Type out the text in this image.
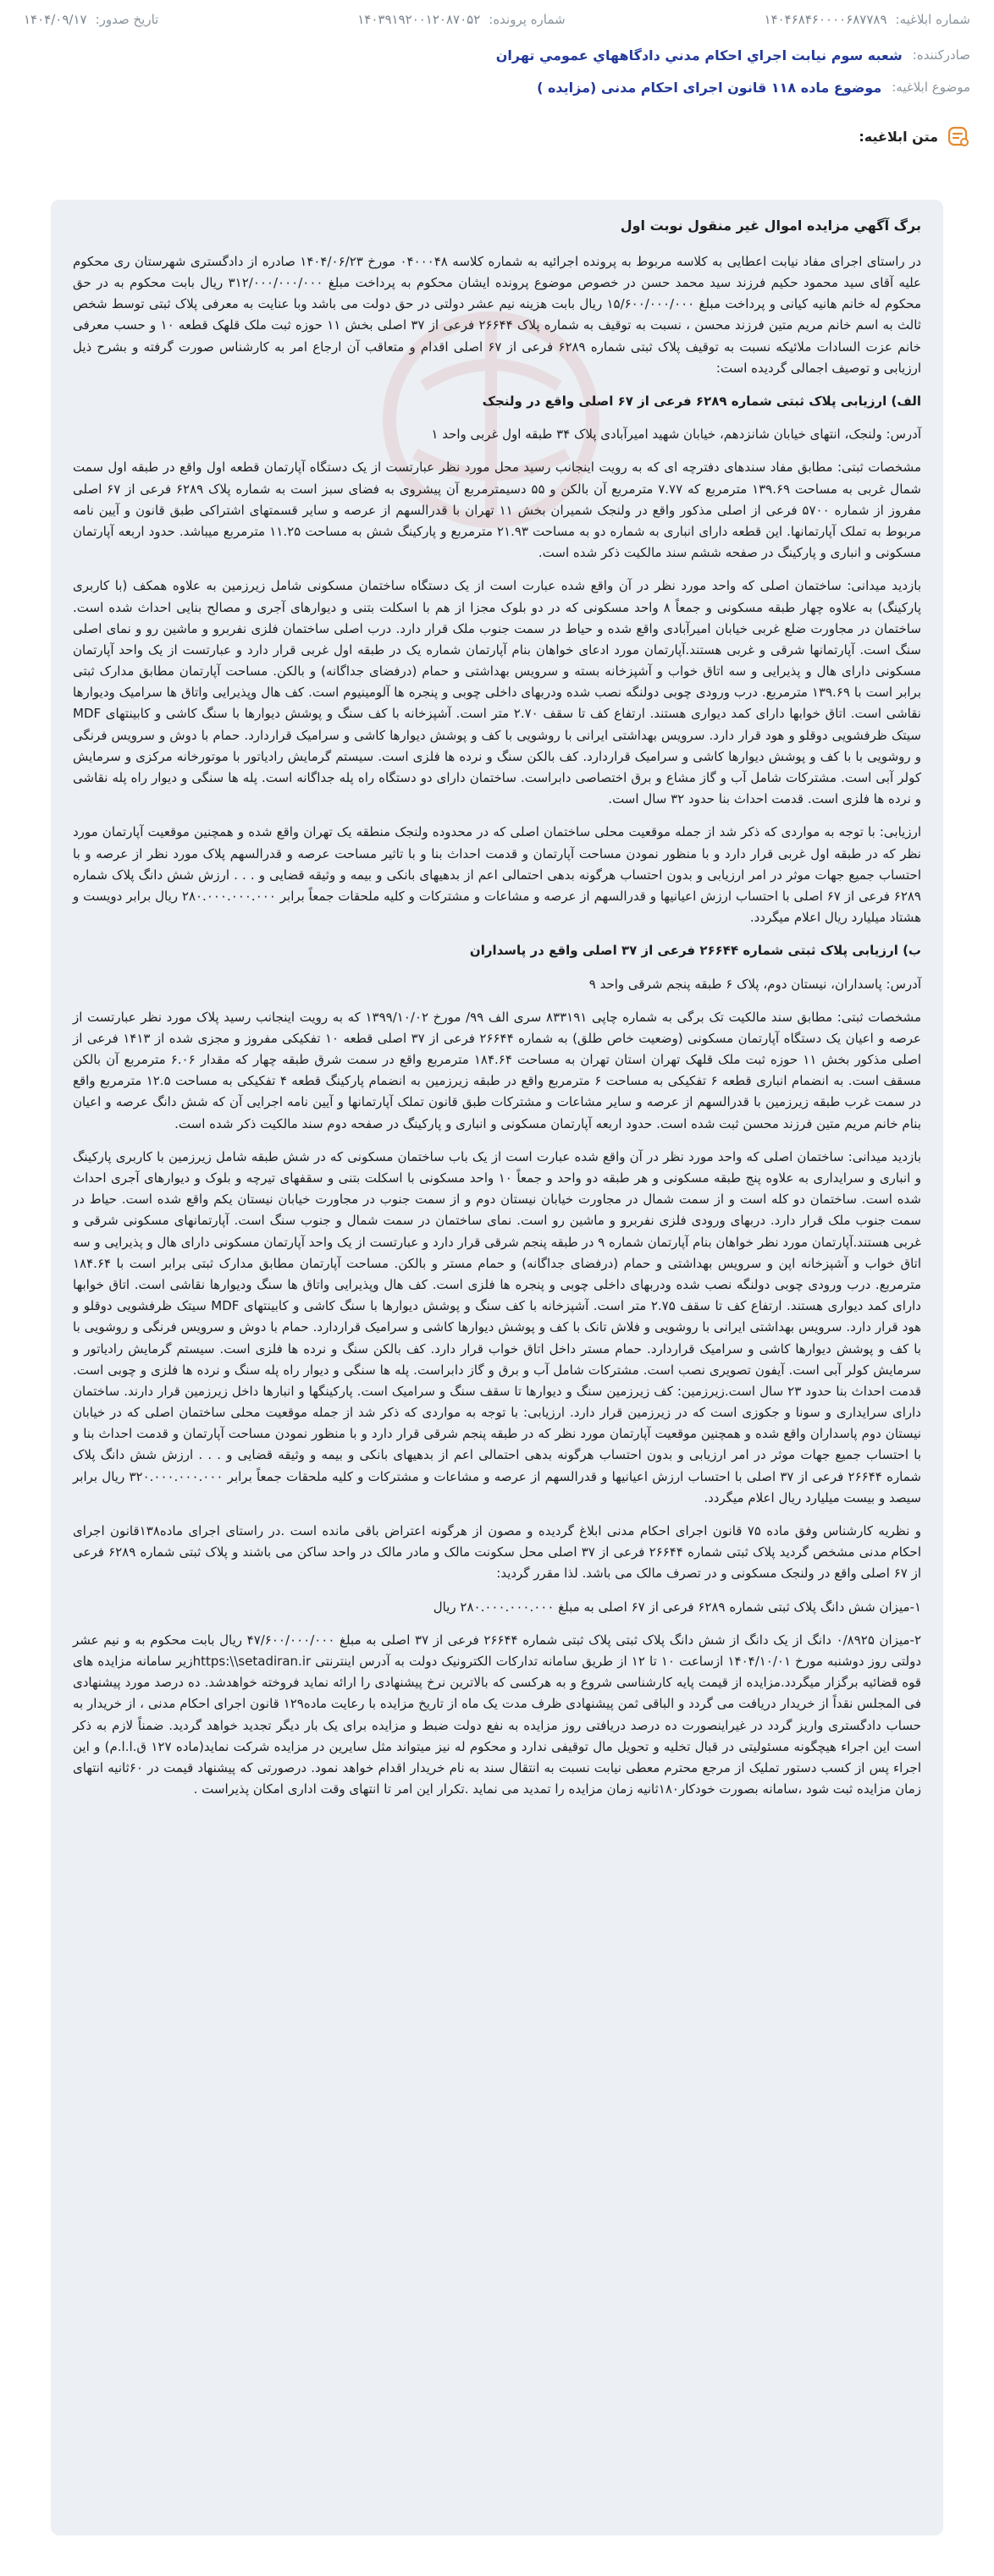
شماره ابلاغیه:
۱۴۰۴۶۸۴۶۰۰۰۰۶۸۷۷۸۹
شماره پرونده:
۱۴۰۳۹۱۹۲۰۰۱۲۰۸۷۰۵۲
تاریخ صدور:
۱۴۰۴/۰۹/۱۷
صادرکننده:
شعبه سوم نيابت اجراي احكام مدني دادگاههاي عمومي تهران
موضوع ابلاغیه:
موضوع ماده ۱۱۸ قانون اجرای احکام مدنی (مزایده )
متن ابلاغیه:

برگ آگهي مزايده اموال غير منقول نوبت اول

در راستای اجرای مفاد نیابت اعطایی به کلاسه مربوط به پرونده اجرائیه به شماره کلاسه ۰۴۰۰۰۴۸ مورخ ۱۴۰۴/۰۶/۲۳ صادره از دادگستری شهرستان ری محکوم علیه آقای سید محمود حکیم فرزند سید محمد حسن در خصوص موضوع پرونده ایشان محکوم به پرداخت مبلغ ۳۱۲/۰۰۰/۰۰۰/۰۰۰ ریال بابت محکوم به در حق محکوم له خانم هانیه کیانی و پرداخت مبلغ ۱۵/۶۰۰/۰۰۰/۰۰۰ ریال بابت هزینه نیم عشر دولتی در حق دولت می باشد وبا عنایت به معرفی پلاک ثبتی توسط شخص ثالث به اسم خانم مریم متین فرزند محسن ، نسبت به توقیف به شماره پلاک ۲۶۶۴۴ فرعی از ۳۷ اصلی بخش ۱۱ حوزه ثبت ملک قلهک قطعه ۱۰ و حسب معرفی خانم عزت السادات ملائیکه نسبت به توقیف پلاک ثبتی شماره ۶۲۸۹ فرعی از ۶۷ اصلی اقدام و متعاقب آن ارجاع امر به کارشناس صورت گرفته و بشرح ذیل ارزیابی و توصیف اجمالی گردیده است:

الف) ارزیابی پلاک ثبتی شماره ۶۲۸۹ فرعی از ۶۷ اصلی واقع در ولنجک

آدرس: ولنجک، انتهای خیابان شانزدهم، خیابان شهید امیرآبادی پلاک ۳۴ طبقه اول غربی واحد ۱

مشخصات ثبتی: مطابق مفاد سندهای دفترچه ای که به رویت اینجانب رسید محل مورد نظر عبارتست از یک دستگاه آپارتمان قطعه اول واقع در طبقه اول سمت شمال غربی به مساحت ۱۳۹.۶۹ مترمربع که ۷.۷۷ مترمربع آن بالکن و ۵۵ دسیمترمربع آن پیشروی به فضای سبز است به شماره پلاک ۶۲۸۹ فرعی از ۶۷ اصلی مفروز از شماره ۵۷۰۰ فرعی از اصلی مذکور واقع در ولنجک شمیران بخش ۱۱ تهران با قدرالسهم از عرصه و سایر قسمتهای اشتراکی طبق قانون و آیین نامه مربوط به تملک آپارتمانها. این قطعه دارای انباری به شماره دو به مساحت ۲۱.۹۳ مترمربع و پارکینگ شش به مساحت ۱۱.۲۵ مترمربع میباشد. حدود اربعه آپارتمان مسکونی و انباری و پارکینگ در صفحه ششم سند مالکیت ذکر شده است.

بازدید میدانی: ساختمان اصلی که واحد مورد نظر در آن واقع شده عبارت است از یک دستگاه ساختمان مسکونی شامل زیرزمین به علاوه همکف (با کاربری پارکینگ) به علاوه چهار طبقه مسکونی و جمعاً ۸ واحد مسکونی که در دو بلوک مجزا از هم با اسکلت بتنی و دیوارهای آجری و مصالح بنایی احداث شده است. ساختمان در مجاورت ضلع غربی خیابان امیرآبادی واقع شده و حیاط در سمت جنوب ملک قرار دارد. درب اصلی ساختمان فلزی نفربرو و ماشین رو و نمای اصلی سنگ است. آپارتمانها شرقی و غربی هستند.آپارتمان مورد ادعای خواهان بنام آپارتمان شماره یک در طبقه اول غربی قرار دارد و عبارتست از یک واحد آپارتمان مسکونی دارای هال و پذیرایی و سه اتاق خواب و آشپزخانه بسته و سرویس بهداشتی و حمام (درفضای جداگانه) و بالکن. مساحت آپارتمان مطابق مدارک ثبتی برابر است با ۱۳۹.۶۹ مترمربع. درب ورودی چوبی دولنگه نصب شده ودربهای داخلی چوبی و پنجره ها آلومینیوم است. کف هال وپذیرایی واتاق ها سرامیک ودیوارها نقاشی است. اتاق خوابها دارای کمد دیواری هستند. ارتفاع کف تا سقف ۲.۷۰ متر است. آشپزخانه با کف سنگ و پوشش دیوارها با سنگ کاشی و کابینتهای MDF سیتک ظرفشویی دوقلو و هود قرار دارد. سرویس بهداشتی ایرانی با روشویی با کف و پوشش دیوارها کاشی و سرامیک قراردارد. حمام با دوش و سرویس فرنگی و روشویی با با کف و پوشش دیوارها کاشی و سرامیک قراردارد. کف بالکن سنگ و نرده ها فلزی است. سیستم گرمایش رادیاتور با موتورخانه مرکزی و سرمایش کولر آبی است. مشترکات شامل آب و گاز مشاع و برق اختصاصی دابراست. ساختمان دارای دو دستگاه راه پله جداگانه است. پله ها سنگی و دیوار راه پله نقاشی و نرده ها فلزی است. قدمت احداث بنا حدود ۳۲ سال است.

ارزیابی: با توجه به مواردی که ذکر شد از جمله موقعیت محلی ساختمان اصلی که در محدوده ولنجک منطقه یک تهران واقع شده و همچنین موقعیت آپارتمان مورد نظر که در طبقه اول غربی قرار دارد و با منظور نمودن مساحت آپارتمان و قدمت احداث بنا و با تاثیر مساحت عرصه و قدرالسهم پلاک مورد نظر از عرصه و با احتساب جمیع جهات موثر در امر ارزیابی و بدون احتساب هرگونه بدهی احتمالی اعم از بدهیهای بانکی و بیمه و وثیقه قضایی و . . . ارزش شش دانگ پلاک شماره ۶۲۸۹ فرعی از ۶۷ اصلی با احتساب ارزش اعیانیها و قدرالسهم از عرصه و مشاعات و مشترکات و کلیه ملحقات جمعاً برابر ۲۸۰.۰۰۰.۰۰۰.۰۰۰ ریال برابر دویست و هشتاد میلیارد ریال اعلام میگردد.

ب) ارزیابی پلاک ثبتی شماره ۲۶۶۴۴ فرعی از ۳۷ اصلی واقع در پاسداران

آدرس: پاسداران، نیستان دوم، پلاک ۶ طبقه پنجم شرقی واحد ۹

مشخصات ثبتی: مطابق سند مالکیت تک برگی به شماره چاپی ۸۳۳۱۹۱ سری الف ۹۹/ مورخ ۱۳۹۹/۱۰/۰۲ که به رویت اینجانب رسید پلاک مورد نظر عبارتست از عرصه و اعیان یک دستگاه آپارتمان مسکونی (وضعیت خاص طلق) به شماره ۲۶۶۴۴ فرعی از ۳۷ اصلی قطعه ۱۰ تفکیکی مفروز و مجزی شده از ۱۴۱۳ فرعی از اصلی مذکور بخش ۱۱ حوزه ثبت ملک قلهک تهران استان تهران به مساحت ۱۸۴.۶۴ مترمربع واقع در سمت شرق طبقه چهار که مقدار ۶.۰۶ مترمربع آن بالکن مسقف است. به انضمام انباری قطعه ۶ تفکیکی به مساحت ۶ مترمربع واقع در طبقه زیرزمین به انضمام پارکینگ قطعه ۴ تفکیکی به مساحت ۱۲.۵ مترمربع واقع در سمت غرب طبقه زیرزمین با قدرالسهم از عرصه و سایر مشاعات و مشترکات طبق قانون تملک آپارتمانها و آیین نامه اجرایی آن که شش دانگ عرصه و اعیان بنام خانم مریم متین فرزند محسن ثبت شده است. حدود اربعه آپارتمان مسکونی و انباری و پارکینگ در صفحه دوم سند مالکیت ذکر شده است.

بازدید میدانی: ساختمان اصلی که واحد مورد نظر در آن واقع شده عبارت است از یک باب ساختمان مسکونی که در شش طبقه شامل زیرزمین با کاربری پارکینگ و انباری و سرایداری به علاوه پنج طبقه مسکونی و هر طبقه دو واحد و جمعاً ۱۰ واحد مسکونی با اسکلت بتنی و سقفهای تیرچه و بلوک و دیوارهای آجری احداث شده است. ساختمان دو کله است و از سمت شمال در مجاورت خیابان نیستان دوم و از سمت جنوب در مجاورت خیابان نیستان یکم واقع شده است. حیاط در سمت جنوب ملک قرار دارد. دربهای ورودی فلزی نفربرو و ماشین رو است. نمای ساختمان در سمت شمال و جنوب سنگ است. آپارتمانهای مسکونی شرقی و غربی هستند.آپارتمان مورد نظر خواهان بنام آپارتمان شماره ۹ در طبقه پنجم شرقی قرار دارد و عبارتست از یک واحد آپارتمان مسکونی دارای هال و پذیرایی و سه اتاق خواب و آشپزخانه اپن و سرویس بهداشتی و حمام (درفضای جداگانه) و حمام مستر و بالکن. مساحت آپارتمان مطابق مدارک ثبتی برابر است با ۱۸۴.۶۴ مترمربع. درب ورودی چوبی دولنگه نصب شده ودربهای داخلی چوبی و پنجره ها فلزی است. کف هال وپذیرایی واتاق ها سنگ ودیوارها نقاشی است. اتاق خوابها دارای کمد دیواری هستند. ارتفاع کف تا سقف ۲.۷۵ متر است. آشپزخانه با کف سنگ و پوشش دیوارها با سنگ کاشی و کابینتهای MDF سیتک ظرفشویی دوقلو و هود قرار دارد. سرویس بهداشتی ایرانی با روشویی و فلاش تانک با کف و پوشش دیوارها کاشی و سرامیک قراردارد. حمام با دوش و سرویس فرنگی و روشویی با با کف و پوشش دیوارها کاشی و سرامیک قراردارد. حمام مستر داخل اتاق خواب قرار دارد. کف بالکن سنگ و نرده ها فلزی است. سیستم گرمایش رادیاتور و سرمایش کولر آبی است. آیفون تصویری نصب است. مشترکات شامل آب و برق و گاز دابراست. پله ها سنگی و دیوار راه پله سنگ و نرده ها فلزی و چوبی است. قدمت احداث بنا حدود ۲۳ سال است.زیرزمین: کف زیرزمین سنگ و دیوارها تا سقف سنگ و سرامیک است. پارکینگها و انبارها داخل زیرزمین قرار دارند. ساختمان دارای سرایداری و سونا و جکوزی است که در زیرزمین قرار دارد. ارزیابی: با توجه به مواردی که ذکر شد از جمله موقعیت محلی ساختمان اصلی که در خیابان نیستان دوم پاسداران واقع شده و همچنین موقعیت آپارتمان مورد نظر که در طبقه پنجم شرقی قرار دارد و با منظور نمودن مساحت آپارتمان و قدمت احداث بنا و با احتساب جمیع جهات موثر در امر ارزیابی و بدون احتساب هرگونه بدهی احتمالی اعم از بدهیهای بانکی و بیمه و وثیقه قضایی و . . . ارزش شش دانگ پلاک شماره ۲۶۶۴۴ فرعی از ۳۷ اصلی با احتساب ارزش اعیانیها و قدرالسهم از عرصه و مشاعات و مشترکات و کلیه ملحقات جمعاً برابر ۳۲۰.۰۰۰.۰۰۰.۰۰۰ ریال برابر سیصد و بیست میلیارد ریال اعلام میگردد.

و نظریه کارشناس وفق ماده ۷۵ قانون اجرای احکام مدنی ابلاغ گردیده و مصون از هرگونه اعتراض باقی مانده است .در راستای اجرای ماده۱۳۸قانون اجرای احکام مدنی مشخص گردید پلاک ثبتی شماره ۲۶۶۴۴ فرعی از ۳۷ اصلی محل سکونت مالک و مادر مالک در واحد ساکن می باشند و پلاک ثبتی شماره ۶۲۸۹ فرعی از ۶۷ اصلی واقع در ولنجک مسکونی و در تصرف مالک می باشد. لذا مقرر گردید:

۱-میزان شش دانگ پلاک ثبتی شماره ۶۲۸۹ فرعی از ۶۷ اصلی به مبلغ ۲۸۰.۰۰۰.۰۰۰.۰۰۰ ریال

۲-میزان ۰/۸۹۲۵ دانگ از یک دانگ از شش دانگ پلاک ثبتی پلاک ثبتی شماره ۲۶۶۴۴ فرعی از ۳۷ اصلی به مبلغ ۴۷/۶۰۰/۰۰۰/۰۰۰ ریال بابت محکوم به و نیم عشر دولتی روز دوشنبه مورخ ۱۴۰۴/۱۰/۰۱ ازساعت ۱۰ تا ۱۲ از طریق سامانه تدارکات الکترونیک دولت به آدرس اینترنتی https:\\setadiran.irزیر سامانه مزایده های قوه قضائیه برگزار میگردد.مزایده از قیمت پایه کارشناسی شروع و به هرکسی که بالاترین نرخ پیشنهادی را ارائه نماید فروخته خواهدشد. ده درصد مورد پیشنهادی فی المجلس نقداً از خریدار دریافت می گردد و الباقی ثمن پیشنهادی ظرف مدت یک ماه از تاریخ مزایده با رعایت ماده۱۲۹ قانون اجرای احکام مدنی ، از خریدار به حساب دادگستری واریز گردد در غیراینصورت ده درصد دریافتی روز مزایده به نفع دولت ضبط و مزایده برای یک بار دیگر تجدید خواهد گردید. ضمناً لازم به ذکر است این اجراء هیچگونه مسئولیتی در قبال تخلیه و تحویل مال توقیفی ندارد و محکوم له نیز میتواند مثل سایرین در مزایده شرکت نماید(ماده ۱۲۷ ق.ا.ا.م) و این اجراء پس از کسب دستور تملیک از مرجع محترم معطی نیابت نسبت به انتقال سند به نام خریدار اقدام خواهد نمود. درصورتی که پیشنهاد قیمت در ۶۰ثانیه انتهای زمان مزایده ثبت شود ،سامانه بصورت خودکار۱۸۰ثانیه زمان مزایده را تمدید می نماید .تکرار این امر تا انتهای وقت اداری امکان پذیراست .
